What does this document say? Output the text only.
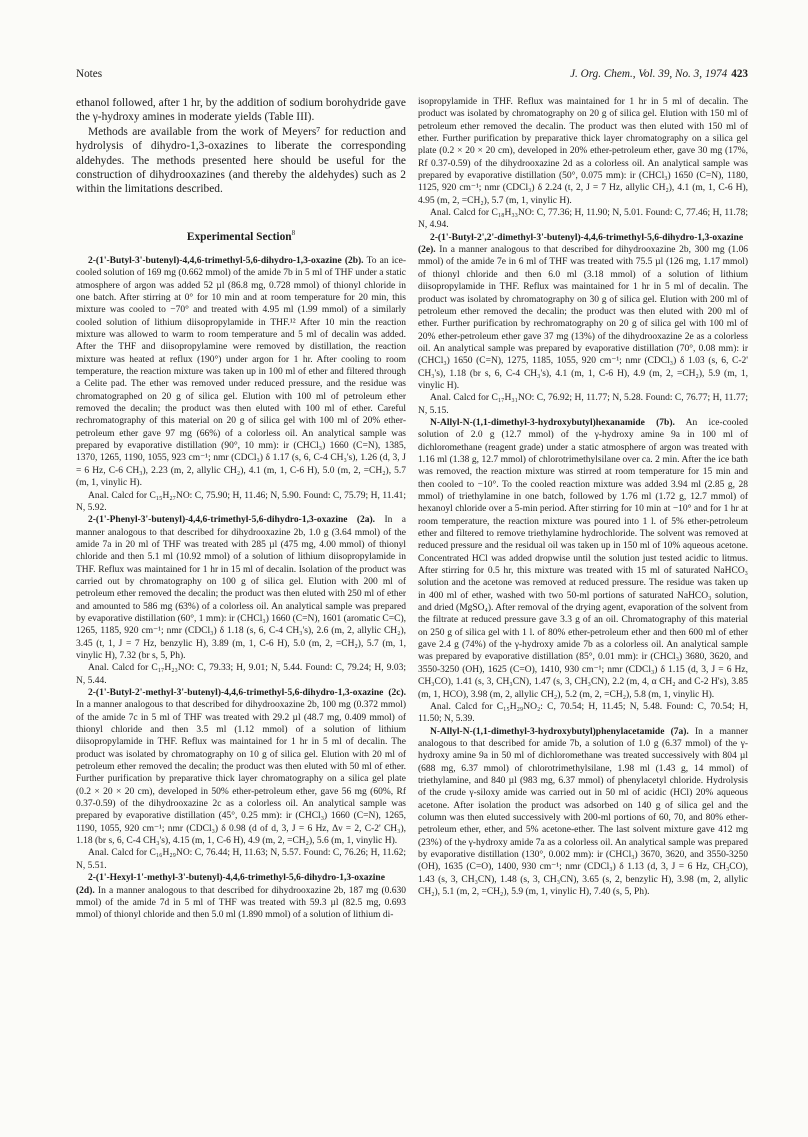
Notes	J. Org. Chem., Vol. 39, No. 3, 1974 423

ethanol followed, after 1 hr, by the addition of sodium borohydride gave the γ-hydroxy amines in moderate yields (Table III).

Methods are available from the work of Meyers⁷ for reduction and hydrolysis of dihydro-1,3-oxazines to liberate the corresponding aldehydes. The methods presented here should be useful for the construction of dihydrooxazines (and thereby the aldehydes) such as 2 within the limitations described.

Experimental Section$^8$

2-(1'-Butyl-3'-butenyl)-4,4,6-trimethyl-5,6-dihydro-1,3-oxazine (2b). To an ice-cooled solution of 169 mg (0.662 mmol) of the amide 7b in 5 ml of THF under a static atmosphere of argon was added 52 µl (86.8 mg, 0.728 mmol) of thionyl chloride in one batch. After stirring at 0° for 10 min and at room temperature for 20 min, this mixture was cooled to −70° and treated with 4.95 ml (1.99 mmol) of a similarly cooled solution of lithium diisopropylamide in THF.¹² After 10 min the reaction mixture was allowed to warm to room temperature and 5 ml of decalin was added. After the THF and diisopropylamine were removed by distillation, the reaction mixture was heated at reflux (190°) under argon for 1 hr. After cooling to room temperature, the reaction mixture was taken up in 100 ml of ether and filtered through a Celite pad. The ether was removed under reduced pressure, and the residue was chromatographed on 20 g of silica gel. Elution with 100 ml of petroleum ether removed the decalin; the product was then eluted with 100 ml of ether. Careful rechromatography of this material on 20 g of silica gel with 100 ml of 20% ether-petroleum ether gave 97 mg (66%) of a colorless oil. An analytical sample was prepared by evaporative distillation (90°, 10 mm): ir (CHCl₃) 1660 (C=N), 1385, 1370, 1265, 1190, 1055, 923 cm⁻¹; nmr (CDCl₃) δ 1.17 (s, 6, C-4 CH₃'s), 1.26 (d, 3, J = 6 Hz, C-6 CH₃), 2.23 (m, 2, allylic CH₂), 4.1 (m, 1, C-6 H), 5.0 (m, 2, =CH₂), 5.7 (m, 1, vinylic H).

Anal. Calcd for C₁₅H₂₇NO: C, 75.90; H, 11.46; N, 5.90. Found: C, 75.79; H, 11.41; N, 5.92.

2-(1'-Phenyl-3'-butenyl)-4,4,6-trimethyl-5,6-dihydro-1,3-oxazine (2a). In a manner analogous to that described for dihydrooxazine 2b, 1.0 g (3.64 mmol) of the amide 7a in 20 ml of THF was treated with 285 µl (475 mg, 4.00 mmol) of thionyl chloride and then 5.1 ml (10.92 mmol) of a solution of lithium diisopropylamide in THF. Reflux was maintained for 1 hr in 15 ml of decalin. Isolation of the product was carried out by chromatography on 100 g of silica gel. Elution with 200 ml of petroleum ether removed the decalin; the product was then eluted with 250 ml of ether and amounted to 586 mg (63%) of a colorless oil. An analytical sample was prepared by evaporative distillation (60°, 1 mm): ir (CHCl₃) 1660 (C=N), 1601 (aromatic C=C), 1265, 1185, 920 cm⁻¹; nmr (CDCl₃) δ 1.18 (s, 6, C-4 CH₃'s), 2.6 (m, 2, allylic CH₂), 3.45 (t, 1, J = 7 Hz, benzylic H), 3.89 (m, 1, C-6 H), 5.0 (m, 2, =CH₂), 5.7 (m, 1, vinylic H), 7.32 (br s, 5, Ph).

Anal. Calcd for C₁₇H₂₃NO: C, 79.33; H, 9.01; N, 5.44. Found: C, 79.24; H, 9.03; N, 5.44.

2-(1'-Butyl-2'-methyl-3'-butenyl)-4,4,6-trimethyl-5,6-dihydro-1,3-oxazine (2c). In a manner analogous to that described for dihydrooxazine 2b, 100 mg (0.372 mmol) of the amide 7c in 5 ml of THF was treated with 29.2 µl (48.7 mg, 0.409 mmol) of thionyl chloride and then 3.5 ml (1.12 mmol) of a solution of lithium diisopropylamide in THF. Reflux was maintained for 1 hr in 5 ml of decalin. The product was isolated by chromatography on 10 g of silica gel. Elution with 20 ml of petroleum ether removed the decalin; the product was then eluted with 50 ml of ether. Further purification by preparative thick layer chromatography on a silica gel plate (0.2 × 20 × 20 cm), developed in 50% ether-petroleum ether, gave 56 mg (60%, Rf 0.37-0.59) of the dihydrooxazine 2c as a colorless oil. An analytical sample was prepared by evaporative distillation (45°, 0.25 mm): ir (CHCl₃) 1660 (C=N), 1265, 1190, 1055, 920 cm⁻¹; nmr (CDCl₃) δ 0.98 (d of d, 3, J = 6 Hz, Δν = 2, C-2' CH₃), 1.18 (br s, 6, C-4 CH₃'s), 4.15 (m, 1, C-6 H), 4.9 (m, 2, =CH₂), 5.6 (m, 1, vinylic H).

Anal. Calcd for C₁₆H₂₉NO: C, 76.44; H, 11.63; N, 5.57. Found: C, 76.26; H, 11.62; N, 5.51.

2-(1'-Hexyl-1'-methyl-3'-butenyl)-4,4,6-trimethyl-5,6-dihydro-1,3-oxazine (2d). In a manner analogous to that described for dihydrooxazine 2b, 187 mg (0.630 mmol) of the amide 7d in 5 ml of THF was treated with 59.3 µl (82.5 mg, 0.693 mmol) of thionyl chloride and then 5.0 ml (1.890 mmol) of a solution of lithium di-

isopropylamide in THF. Reflux was maintained for 1 hr in 5 ml of decalin. The product was isolated by chromatography on 20 g of silica gel. Elution with 150 ml of petroleum ether removed the decalin. The product was then eluted with 150 ml of ether. Further purification by preparative thick layer chromatography on a silica gel plate (0.2 × 20 × 20 cm), developed in 20% ether-petroleum ether, gave 30 mg (17%, Rf 0.37-0.59) of the dihydrooxazine 2d as a colorless oil. An analytical sample was prepared by evaporative distillation (50°, 0.075 mm): ir (CHCl₃) 1650 (C=N), 1180, 1125, 920 cm⁻¹; nmr (CDCl₃) δ 2.24 (t, 2, J = 7 Hz, allylic CH₂), 4.1 (m, 1, C-6 H), 4.95 (m, 2, =CH₂), 5.7 (m, 1, vinylic H).

Anal. Calcd for C₁₈H₃₃NO: C, 77.36; H, 11.90; N, 5.01. Found: C, 77.46; H, 11.78; N, 4.94.

2-(1'-Butyl-2',2'-dimethyl-3'-butenyl)-4,4,6-trimethyl-5,6-dihydro-1,3-oxazine (2e). In a manner analogous to that described for dihydrooxazine 2b, 300 mg (1.06 mmol) of the amide 7e in 6 ml of THF was treated with 75.5 µl (126 mg, 1.17 mmol) of thionyl chloride and then 6.0 ml (3.18 mmol) of a solution of lithium diisopropylamide in THF. Reflux was maintained for 1 hr in 5 ml of decalin. The product was isolated by chromatography on 30 g of silica gel. Elution with 200 ml of petroleum ether removed the decalin; the product was then eluted with 200 ml of ether. Further purification by rechromatography on 20 g of silica gel with 100 ml of 20% ether-petroleum ether gave 37 mg (13%) of the dihydrooxazine 2e as a colorless oil. An analytical sample was prepared by evaporative distillation (70°, 0.08 mm): ir (CHCl₃) 1650 (C=N), 1275, 1185, 1055, 920 cm⁻¹; nmr (CDCl₃) δ 1.03 (s, 6, C-2' CH₃'s), 1.18 (br s, 6, C-4 CH₃'s), 4.1 (m, 1, C-6 H), 4.9 (m, 2, =CH₂), 5.9 (m, 1, vinylic H).

Anal. Calcd for C₁₇H₃₁NO: C, 76.92; H, 11.77; N, 5.28. Found: C, 76.77; H, 11.77; N, 5.15.

N-Allyl-N-(1,1-dimethyl-3-hydroxybutyl)hexanamide (7b). An ice-cooled solution of 2.0 g (12.7 mmol) of the γ-hydroxy amine 9a in 100 ml of dichloromethane (reagent grade) under a static atmosphere of argon was treated with 1.16 ml (1.38 g, 12.7 mmol) of chlorotrimethylsilane over ca. 2 min. After the ice bath was removed, the reaction mixture was stirred at room temperature for 15 min and then cooled to −10°. To the cooled reaction mixture was added 3.94 ml (2.85 g, 28 mmol) of triethylamine in one batch, followed by 1.76 ml (1.72 g, 12.7 mmol) of hexanoyl chloride over a 5-min period. After stirring for 10 min at −10° and for 1 hr at room temperature, the reaction mixture was poured into 1 l. of 5% ether-petroleum ether and filtered to remove triethylamine hydrochloride. The solvent was removed at reduced pressure and the residual oil was taken up in 150 ml of 10% aqueous acetone. Concentrated HCl was added dropwise until the solution just tested acidic to litmus. After stirring for 0.5 hr, this mixture was treated with 15 ml of saturated NaHCO₃ solution and the acetone was removed at reduced pressure. The residue was taken up in 400 ml of ether, washed with two 50-ml portions of saturated NaHCO₃ solution, and dried (MgSO₄). After removal of the drying agent, evaporation of the solvent from the filtrate at reduced pressure gave 3.3 g of an oil. Chromatography of this material on 250 g of silica gel with 1 l. of 80% ether-petroleum ether and then 600 ml of ether gave 2.4 g (74%) of the γ-hydroxy amide 7b as a colorless oil. An analytical sample was prepared by evaporative distillation (85°, 0.01 mm): ir (CHCl₃) 3680, 3620, and 3550-3250 (OH), 1625 (C=O), 1410, 930 cm⁻¹; nmr (CDCl₃) δ 1.15 (d, 3, J = 6 Hz, CH₃CO), 1.41 (s, 3, CH₃CN), 1.47 (s, 3, CH₃CN), 2.2 (m, 4, α CH₂ and C-2 H's), 3.85 (m, 1, HCO), 3.98 (m, 2, allylic CH₂), 5.2 (m, 2, =CH₂), 5.8 (m, 1, vinylic H).

Anal. Calcd for C₁₅H₂₉NO₂: C, 70.54; H, 11.45; N, 5.48. Found: C, 70.54; H, 11.50; N, 5.39.

N-Allyl-N-(1,1-dimethyl-3-hydroxybutyl)phenylacetamide (7a). In a manner analogous to that described for amide 7b, a solution of 1.0 g (6.37 mmol) of the γ-hydroxy amine 9a in 50 ml of dichloromethane was treated successively with 804 µl (688 mg, 6.37 mmol) of chlorotrimethylsilane, 1.98 ml (1.43 g, 14 mmol) of triethylamine, and 840 µl (983 mg, 6.37 mmol) of phenylacetyl chloride. Hydrolysis of the crude γ-siloxy amide was carried out in 50 ml of acidic (HCl) 20% aqueous acetone. After isolation the product was adsorbed on 140 g of silica gel and the column was then eluted successively with 200-ml portions of 60, 70, and 80% ether-petroleum ether, ether, and 5% acetone-ether. The last solvent mixture gave 412 mg (23%) of the γ-hydroxy amide 7a as a colorless oil. An analytical sample was prepared by evaporative distillation (130°, 0.002 mm): ir (CHCl₃) 3670, 3620, and 3550-3250 (OH), 1635 (C=O), 1400, 930 cm⁻¹; nmr (CDCl₃) δ 1.13 (d, 3, J = 6 Hz, CH₃CO), 1.43 (s, 3, CH₃CN), 1.48 (s, 3, CH₃CN), 3.65 (s, 2, benzylic H), 3.98 (m, 2, allylic CH₂), 5.1 (m, 2, =CH₂), 5.9 (m, 1, vinylic H), 7.40 (s, 5, Ph).
